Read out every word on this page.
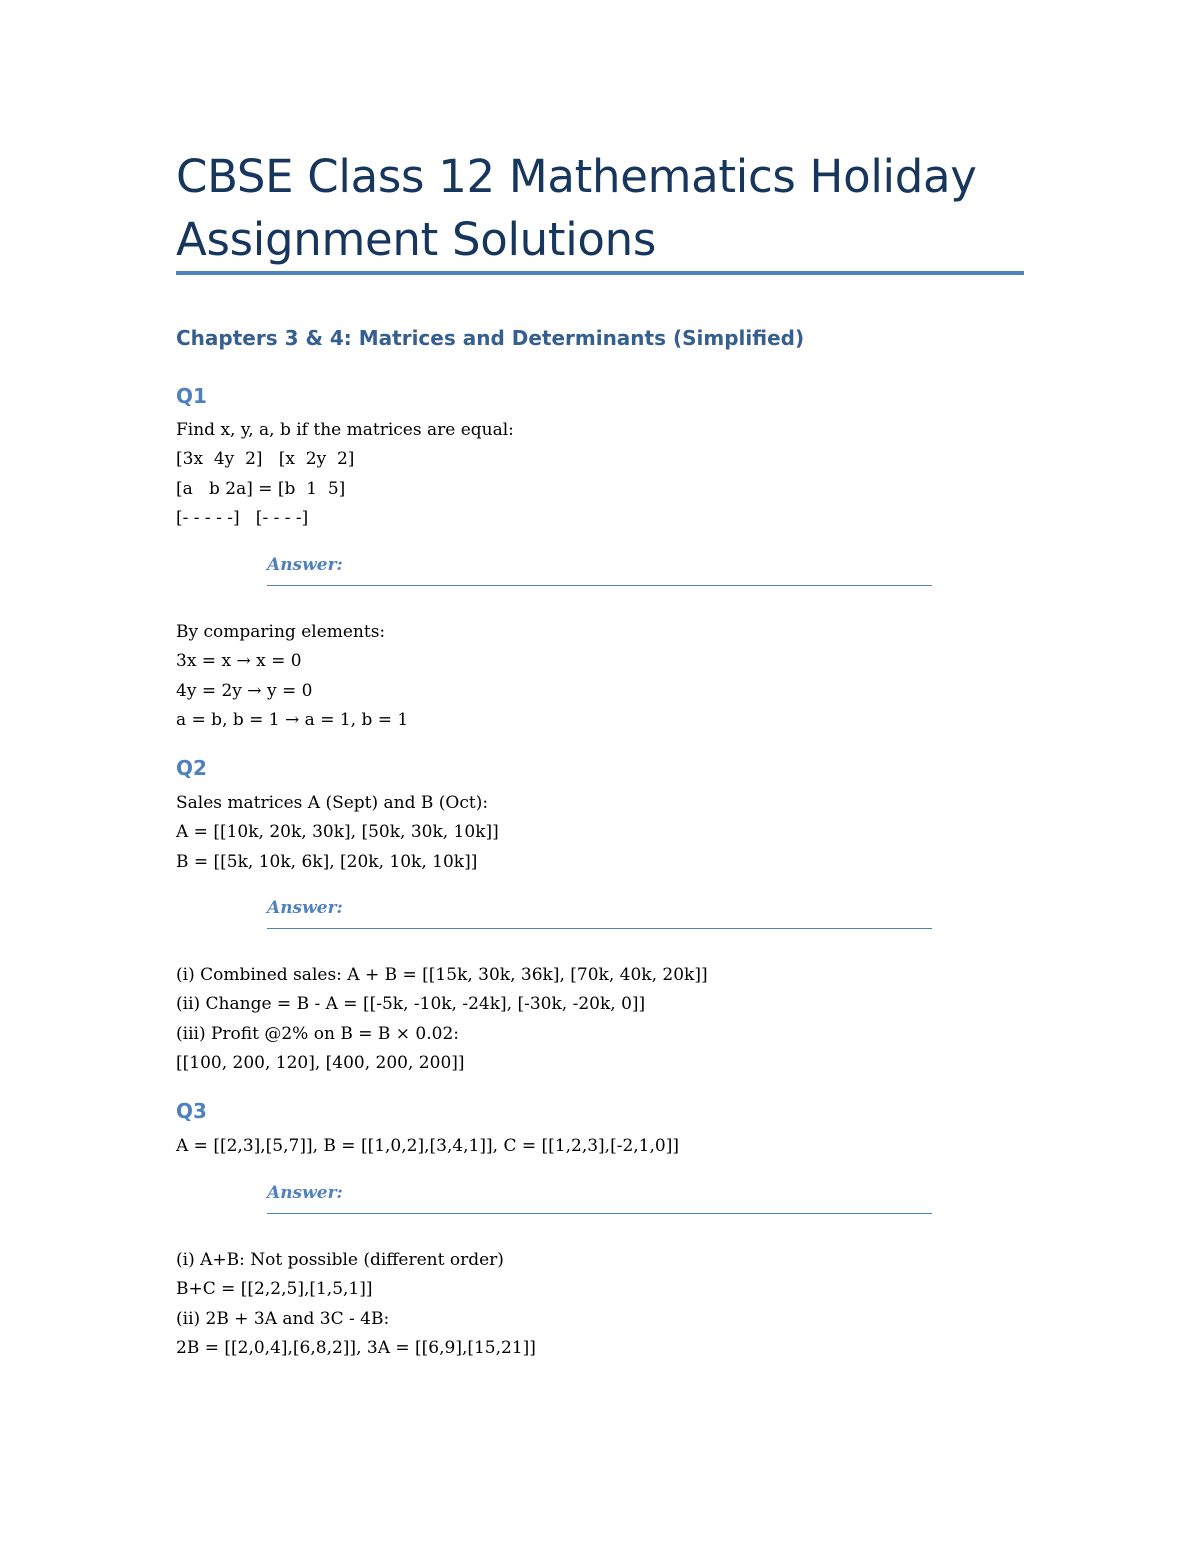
CBSE Class 12 Mathematics Holiday Assignment Solutions
Chapters 3 & 4: Matrices and Determinants (Simplified)
Q1
Find x, y, a, b if the matrices are equal:
[3x  4y  2]   [x  2y  2]
[a   b 2a] = [b  1  5]
[- - - - -]   [- - - -]
Answer:
By comparing elements:
3x = x → x = 0
4y = 2y → y = 0
a = b, b = 1 → a = 1, b = 1
Q2
Sales matrices A (Sept) and B (Oct):
A = [[10k, 20k, 30k], [50k, 30k, 10k]]
B = [[5k, 10k, 6k], [20k, 10k, 10k]]
Answer:
(i) Combined sales: A + B = [[15k, 30k, 36k], [70k, 40k, 20k]]
(ii) Change = B - A = [[-5k, -10k, -24k], [-30k, -20k, 0]]
(iii) Profit @2% on B = B × 0.02:
[[100, 200, 120], [400, 200, 200]]
Q3
A = [[2,3],[5,7]], B = [[1,0,2],[3,4,1]], C = [[1,2,3],[-2,1,0]]
Answer:
(i) A+B: Not possible (different order)
B+C = [[2,2,5],[1,5,1]]
(ii) 2B + 3A and 3C - 4B:
2B = [[2,0,4],[6,8,2]], 3A = [[6,9],[15,21]]
